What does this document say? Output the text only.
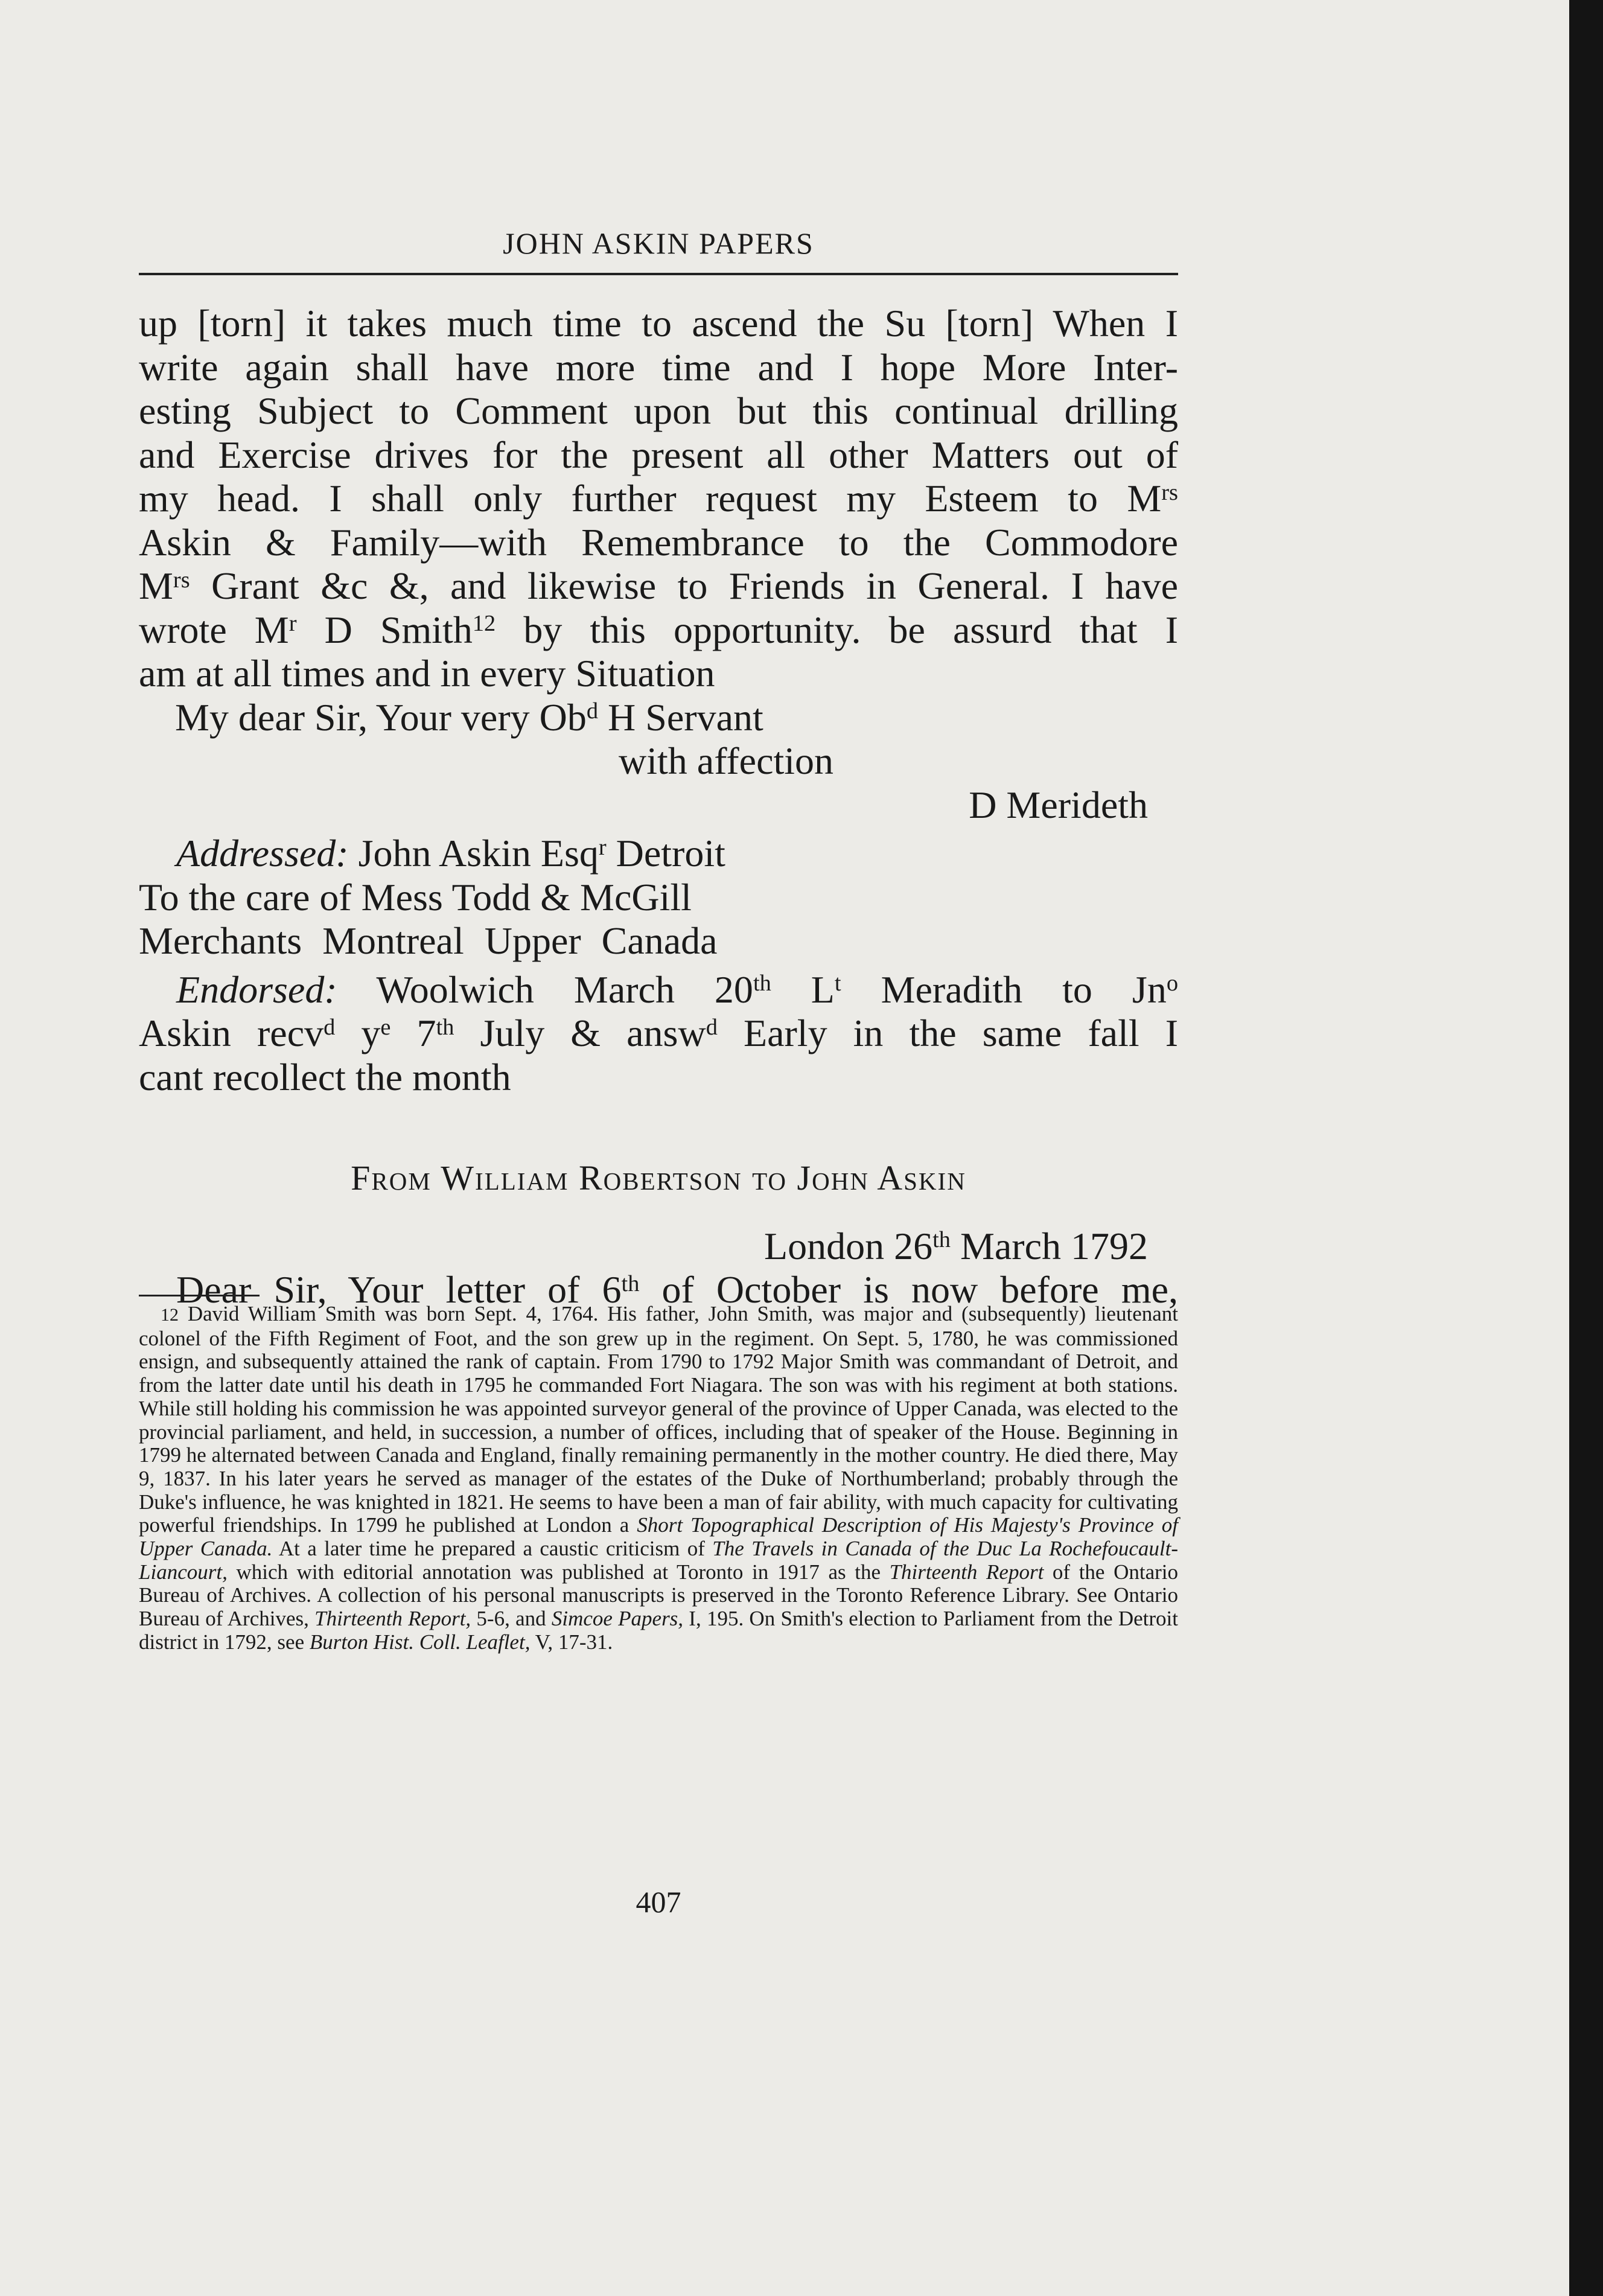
JOHN ASKIN PAPERS
up [torn] it takes much time to ascend the Su [torn] When I
write again shall have more time and I hope More Inter-
esting Subject to Comment upon but this continual drilling
and Exercise drives for the present all other Matters out of
my head. I shall only further request my Esteem to $M^{rs}$
Askin & Family—with Remembrance to the Commodore
$M^{rs}$ Grant &c &, and likewise to Friends in General. I have
wrote $M^r$ D Smith$^{12}$ by this opportunity. be assurd that I
am at all times and in every Situation
My dear Sir, Your very Ob$^d$ H Servant
with affection
D Merideth
Addressed: John Askin Esq$^r$ Detroit
To the care of Mess Todd & McGill
Merchants Montreal Upper Canada
Endorsed: Woolwich March 20th $L^t$ Meradith to Jn$^o$
Askin recv$^d$ $y^e$ 7th July & answ$^d$ Early in the same fall I
cant recollect the month
From William Robertson to John Askin
London 26th March 1792
Dear Sir, Your letter of 6th of October is now before me,

12 David William Smith was born Sept. 4, 1764. His father, John Smith, was major and (subsequently) lieutenant colonel of the Fifth Regiment of Foot, and the son grew up in the regiment. On Sept. 5, 1780, he was commissioned ensign, and subsequently attained the rank of captain. From 1790 to 1792 Major Smith was commandant of Detroit, and from the latter date until his death in 1795 he commanded Fort Niagara. The son was with his regiment at both stations. While still holding his commission he was appointed surveyor general of the province of Upper Canada, was elected to the provincial parliament, and held, in succession, a number of offices, including that of speaker of the House. Beginning in 1799 he alternated between Canada and England, finally remaining permanently in the mother country. He died there, May 9, 1837. In his later years he served as manager of the estates of the Duke of Northumberland; probably through the Duke's influence, he was knighted in 1821. He seems to have been a man of fair ability, with much capacity for cultivating powerful friendships. In 1799 he published at London a Short Topographical Description of His Majesty's Province of Upper Canada. At a later time he prepared a caustic criticism of The Travels in Canada of the Duc La Rochefoucault-Liancourt, which with editorial annotation was published at Toronto in 1917 as the Thirteenth Report of the Ontario Bureau of Archives. A collection of his personal manuscripts is preserved in the Toronto Reference Library. See Ontario Bureau of Archives, Thirteenth Report, 5-6, and Simcoe Papers, I, 195. On Smith's election to Parliament from the Detroit district in 1792, see Burton Hist. Coll. Leaflet, V, 17-31.

407
